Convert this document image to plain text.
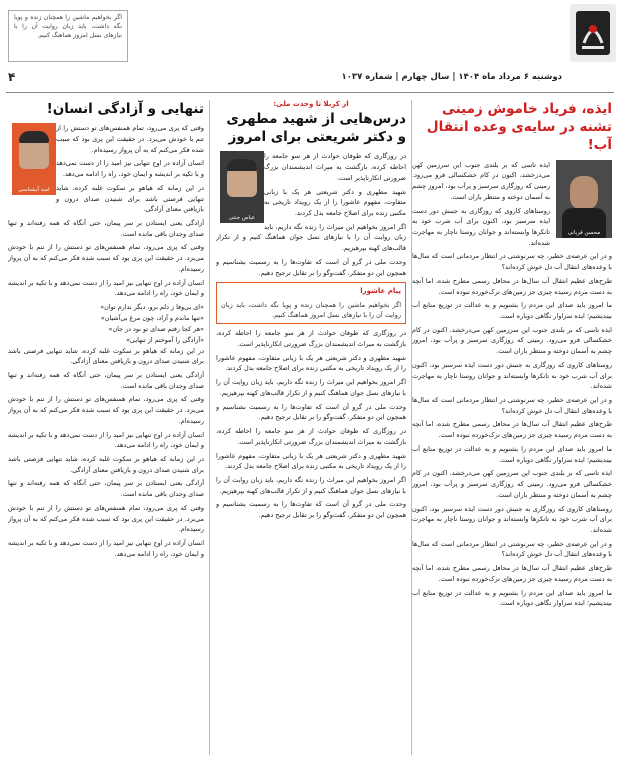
دوشنبه ۶ مرداد ماه ۱۴۰۴ | سال چهارم | شماره ۱۰۳۷
۴
اگر بخواهیم ماشین را همچنان زنده و پویا نگه داشت، باید زبان روایت آن را با نیازهای نسل امروز هماهنگ کنیم.
ایذه، فریاد خاموش زمینی تشنه در سایه‌ی وعده انتقال آب!
محسن قربانی

ایذه تاسی که بر بلندی جنوب این سرزمین کهن می‌درخشد، اکنون در کام خشکسالی فرو می‌رود. زمینی که روزگاری سرسبز و پرآب بود، امروز چشم به آسمان دوخته و منتظر باران است.

روستاهای کاروی که روزگاری به جنبش دور دست ایذه سرسبز بود، اکنون برای آب شرب خود به تانکرها وابسته‌اند و جوانان روستا ناچار به مهاجرت شده‌اند.

و در این عرصه‌ی خطیر، چه سرنوشتی در انتظار مردمانی است که سال‌ها با وعده‌های انتقال آب دل خوش کرده‌اند؟

طرح‌های عظیم انتقال آب سال‌ها در محافل رسمی مطرح شده، اما آنچه به دست مردم رسیده چیزی جز زمین‌های ترک‌خورده نبوده است.

ما امروز باید صدای این مردم را بشنویم و به عدالت در توزیع منابع آب بیندیشیم؛ ایذه سزاوار نگاهی دوباره است.

ایذه تاسی که بر بلندی جنوب این سرزمین کهن می‌درخشد، اکنون در کام خشکسالی فرو می‌رود. زمینی که روزگاری سرسبز و پرآب بود، امروز چشم به آسمان دوخته و منتظر باران است.

روستاهای کاروی که روزگاری به جنبش دور دست ایذه سرسبز بود، اکنون برای آب شرب خود به تانکرها وابسته‌اند و جوانان روستا ناچار به مهاجرت شده‌اند.

و در این عرصه‌ی خطیر، چه سرنوشتی در انتظار مردمانی است که سال‌ها با وعده‌های انتقال آب دل خوش کرده‌اند؟

طرح‌های عظیم انتقال آب سال‌ها در محافل رسمی مطرح شده، اما آنچه به دست مردم رسیده چیزی جز زمین‌های ترک‌خورده نبوده است.

ما امروز باید صدای این مردم را بشنویم و به عدالت در توزیع منابع آب بیندیشیم؛ ایذه سزاوار نگاهی دوباره است.

ایذه تاسی که بر بلندی جنوب این سرزمین کهن می‌درخشد، اکنون در کام خشکسالی فرو می‌رود. زمینی که روزگاری سرسبز و پرآب بود، امروز چشم به آسمان دوخته و منتظر باران است.

روستاهای کاروی که روزگاری به جنبش دور دست ایذه سرسبز بود، اکنون برای آب شرب خود به تانکرها وابسته‌اند و جوانان روستا ناچار به مهاجرت شده‌اند.

و در این عرصه‌ی خطیر، چه سرنوشتی در انتظار مردمانی است که سال‌ها با وعده‌های انتقال آب دل خوش کرده‌اند؟

طرح‌های عظیم انتقال آب سال‌ها در محافل رسمی مطرح شده، اما آنچه به دست مردم رسیده چیزی جز زمین‌های ترک‌خورده نبوده است.

ما امروز باید صدای این مردم را بشنویم و به عدالت در توزیع منابع آب بیندیشیم؛ ایذه سزاوار نگاهی دوباره است.

از کربلا تا وحدت ملی:
درس‌هایی از شهید مطهری و دکتر شریعتی برای امروز
عباس جنتی

در روزگاری که طوفان حوادث از هر سو جامعه را احاطه کرده، بازگشت به میراث اندیشمندان بزرگ ضرورتی انکارناپذیر است.

شهید مطهری و دکتر شریعتی هر یک با زبانی متفاوت، مفهوم عاشورا را از یک رویداد تاریخی به مکتبی زنده برای اصلاح جامعه بدل کردند.

اگر امروز بخواهیم این میراث را زنده نگه داریم، باید زبان روایت آن را با نیازهای نسل جوان هماهنگ کنیم و از تکرار قالب‌های کهنه بپرهیزیم.

وحدت ملی در گرو آن است که تفاوت‌ها را به رسمیت بشناسیم و همچون این دو متفکر، گفت‌وگو را بر تقابل ترجیح دهیم.

پیام عاشورا
اگر بخواهیم ماشین را همچنان زنده و پویا نگه داشت، باید زبان روایت آن را با نیازهای نسل امروز هماهنگ کنیم.

در روزگاری که طوفان حوادث از هر سو جامعه را احاطه کرده، بازگشت به میراث اندیشمندان بزرگ ضرورتی انکارناپذیر است.

شهید مطهری و دکتر شریعتی هر یک با زبانی متفاوت، مفهوم عاشورا را از یک رویداد تاریخی به مکتبی زنده برای اصلاح جامعه بدل کردند.

اگر امروز بخواهیم این میراث را زنده نگه داریم، باید زبان روایت آن را با نیازهای نسل جوان هماهنگ کنیم و از تکرار قالب‌های کهنه بپرهیزیم.

وحدت ملی در گرو آن است که تفاوت‌ها را به رسمیت بشناسیم و همچون این دو متفکر، گفت‌وگو را بر تقابل ترجیح دهیم.

در روزگاری که طوفان حوادث از هر سو جامعه را احاطه کرده، بازگشت به میراث اندیشمندان بزرگ ضرورتی انکارناپذیر است.

شهید مطهری و دکتر شریعتی هر یک با زبانی متفاوت، مفهوم عاشورا را از یک رویداد تاریخی به مکتبی زنده برای اصلاح جامعه بدل کردند.

اگر امروز بخواهیم این میراث را زنده نگه داریم، باید زبان روایت آن را با نیازهای نسل جوان هماهنگ کنیم و از تکرار قالب‌های کهنه بپرهیزیم.

وحدت ملی در گرو آن است که تفاوت‌ها را به رسمیت بشناسیم و همچون این دو متفکر، گفت‌وگو را بر تقابل ترجیح دهیم.

تنهایی و آزادگی انسان!
اسد آبشناسی

وقتی که پری می‌رود، تمام همنفس‌های تو دستش را از تنم با خودش می‌برد. در حقیقت این پری بود که سبب شده فکر می‌کنم که به آن پرواز رسیده‌ام.

انسان آزاده در اوج تنهایی نیز امید را از دست نمی‌دهد و با تکیه بر اندیشه و ایمان خود، راه را ادامه می‌دهد.

در این زمانه که هیاهو بر سکوت غلبه کرده، شاید تنهایی فرصتی باشد برای شنیدن صدای درون و بازیافتن معنای آزادگی.

آزادگی یعنی ایستادن بر سر پیمان، حتی آنگاه که همه رفته‌اند و تنها صدای وجدان باقی مانده است.

وقتی که پری می‌رود، تمام همنفس‌های تو دستش را از تنم با خودش می‌برد. در حقیقت این پری بود که سبب شده فکر می‌کنم که به آن پرواز رسیده‌ام.

انسان آزاده در اوج تنهایی نیز امید را از دست نمی‌دهد و با تکیه بر اندیشه و ایمان خود، راه را ادامه می‌دهد.

«ای بی‌وفا ز دلم برو، دیگر ندارم توان»
«تنها ماندم و آزاد، چون مرغ بی‌آشیان»
«هر کجا رفتم صدای تو بود در جان»
«آزادگی را آموختم از تنهایی»

در این زمانه که هیاهو بر سکوت غلبه کرده، شاید تنهایی فرصتی باشد برای شنیدن صدای درون و بازیافتن معنای آزادگی.

آزادگی یعنی ایستادن بر سر پیمان، حتی آنگاه که همه رفته‌اند و تنها صدای وجدان باقی مانده است.

وقتی که پری می‌رود، تمام همنفس‌های تو دستش را از تنم با خودش می‌برد. در حقیقت این پری بود که سبب شده فکر می‌کنم که به آن پرواز رسیده‌ام.

انسان آزاده در اوج تنهایی نیز امید را از دست نمی‌دهد و با تکیه بر اندیشه و ایمان خود، راه را ادامه می‌دهد.

در این زمانه که هیاهو بر سکوت غلبه کرده، شاید تنهایی فرصتی باشد برای شنیدن صدای درون و بازیافتن معنای آزادگی.

آزادگی یعنی ایستادن بر سر پیمان، حتی آنگاه که همه رفته‌اند و تنها صدای وجدان باقی مانده است.

وقتی که پری می‌رود، تمام همنفس‌های تو دستش را از تنم با خودش می‌برد. در حقیقت این پری بود که سبب شده فکر می‌کنم که به آن پرواز رسیده‌ام.

انسان آزاده در اوج تنهایی نیز امید را از دست نمی‌دهد و با تکیه بر اندیشه و ایمان خود، راه را ادامه می‌دهد.
